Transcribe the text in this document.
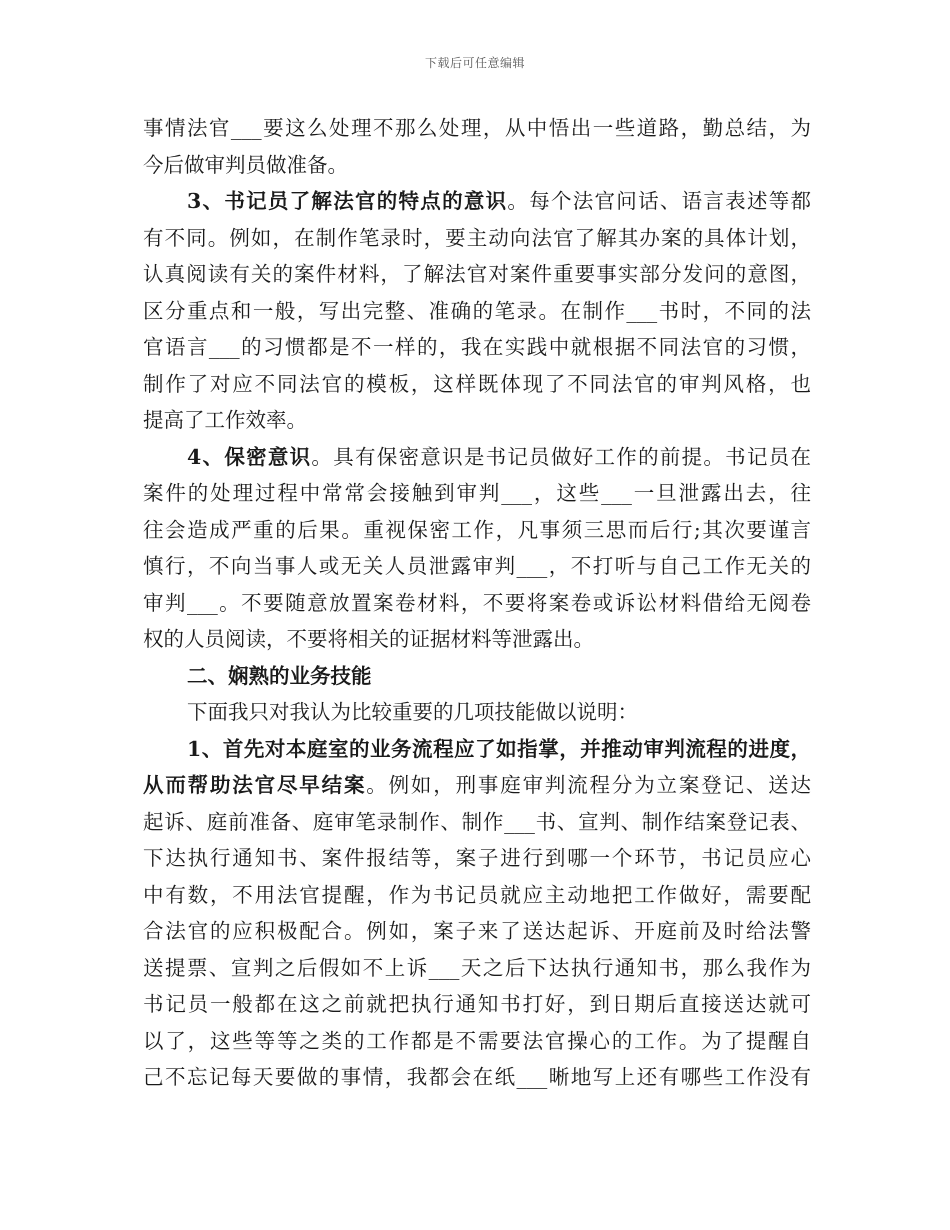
下载后可任意编辑
事情法官___要这么处理不那么处理，从中悟出一些道路，勤总结，为
今后做审判员做准备。
3、书记员了解法官的特点的意识。每个法官问话、语言表述等都
有不同。例如，在制作笔录时，要主动向法官了解其办案的具体计划，
认真阅读有关的案件材料，了解法官对案件重要事实部分发问的意图，
区分重点和一般，写出完整、准确的笔录。在制作___书时，不同的法
官语言___的习惯都是不一样的，我在实践中就根据不同法官的习惯，
制作了对应不同法官的模板，这样既体现了不同法官的审判风格，也
提高了工作效率。
4、保密意识。具有保密意识是书记员做好工作的前提。书记员在
案件的处理过程中常常会接触到审判___，这些___一旦泄露出去，往
往会造成严重的后果。重视保密工作，凡事须三思而后行;其次要谨言
慎行，不向当事人或无关人员泄露审判___，不打听与自己工作无关的
审判___。不要随意放置案卷材料，不要将案卷或诉讼材料借给无阅卷
权的人员阅读，不要将相关的证据材料等泄露出。
二、娴熟的业务技能
下面我只对我认为比较重要的几项技能做以说明：
1、首先对本庭室的业务流程应了如指掌，并推动审判流程的进度，
从而帮助法官尽早结案。例如，刑事庭审判流程分为立案登记、送达
起诉、庭前准备、庭审笔录制作、制作___书、宣判、制作结案登记表、
下达执行通知书、案件报结等，案子进行到哪一个环节，书记员应心
中有数，不用法官提醒，作为书记员就应主动地把工作做好，需要配
合法官的应积极配合。例如，案子来了送达起诉、开庭前及时给法警
送提票、宣判之后假如不上诉___天之后下达执行通知书，那么我作为
书记员一般都在这之前就把执行通知书打好，到日期后直接送达就可
以了，这些等等之类的工作都是不需要法官操心的工作。为了提醒自
己不忘记每天要做的事情，我都会在纸___晰地写上还有哪些工作没有
